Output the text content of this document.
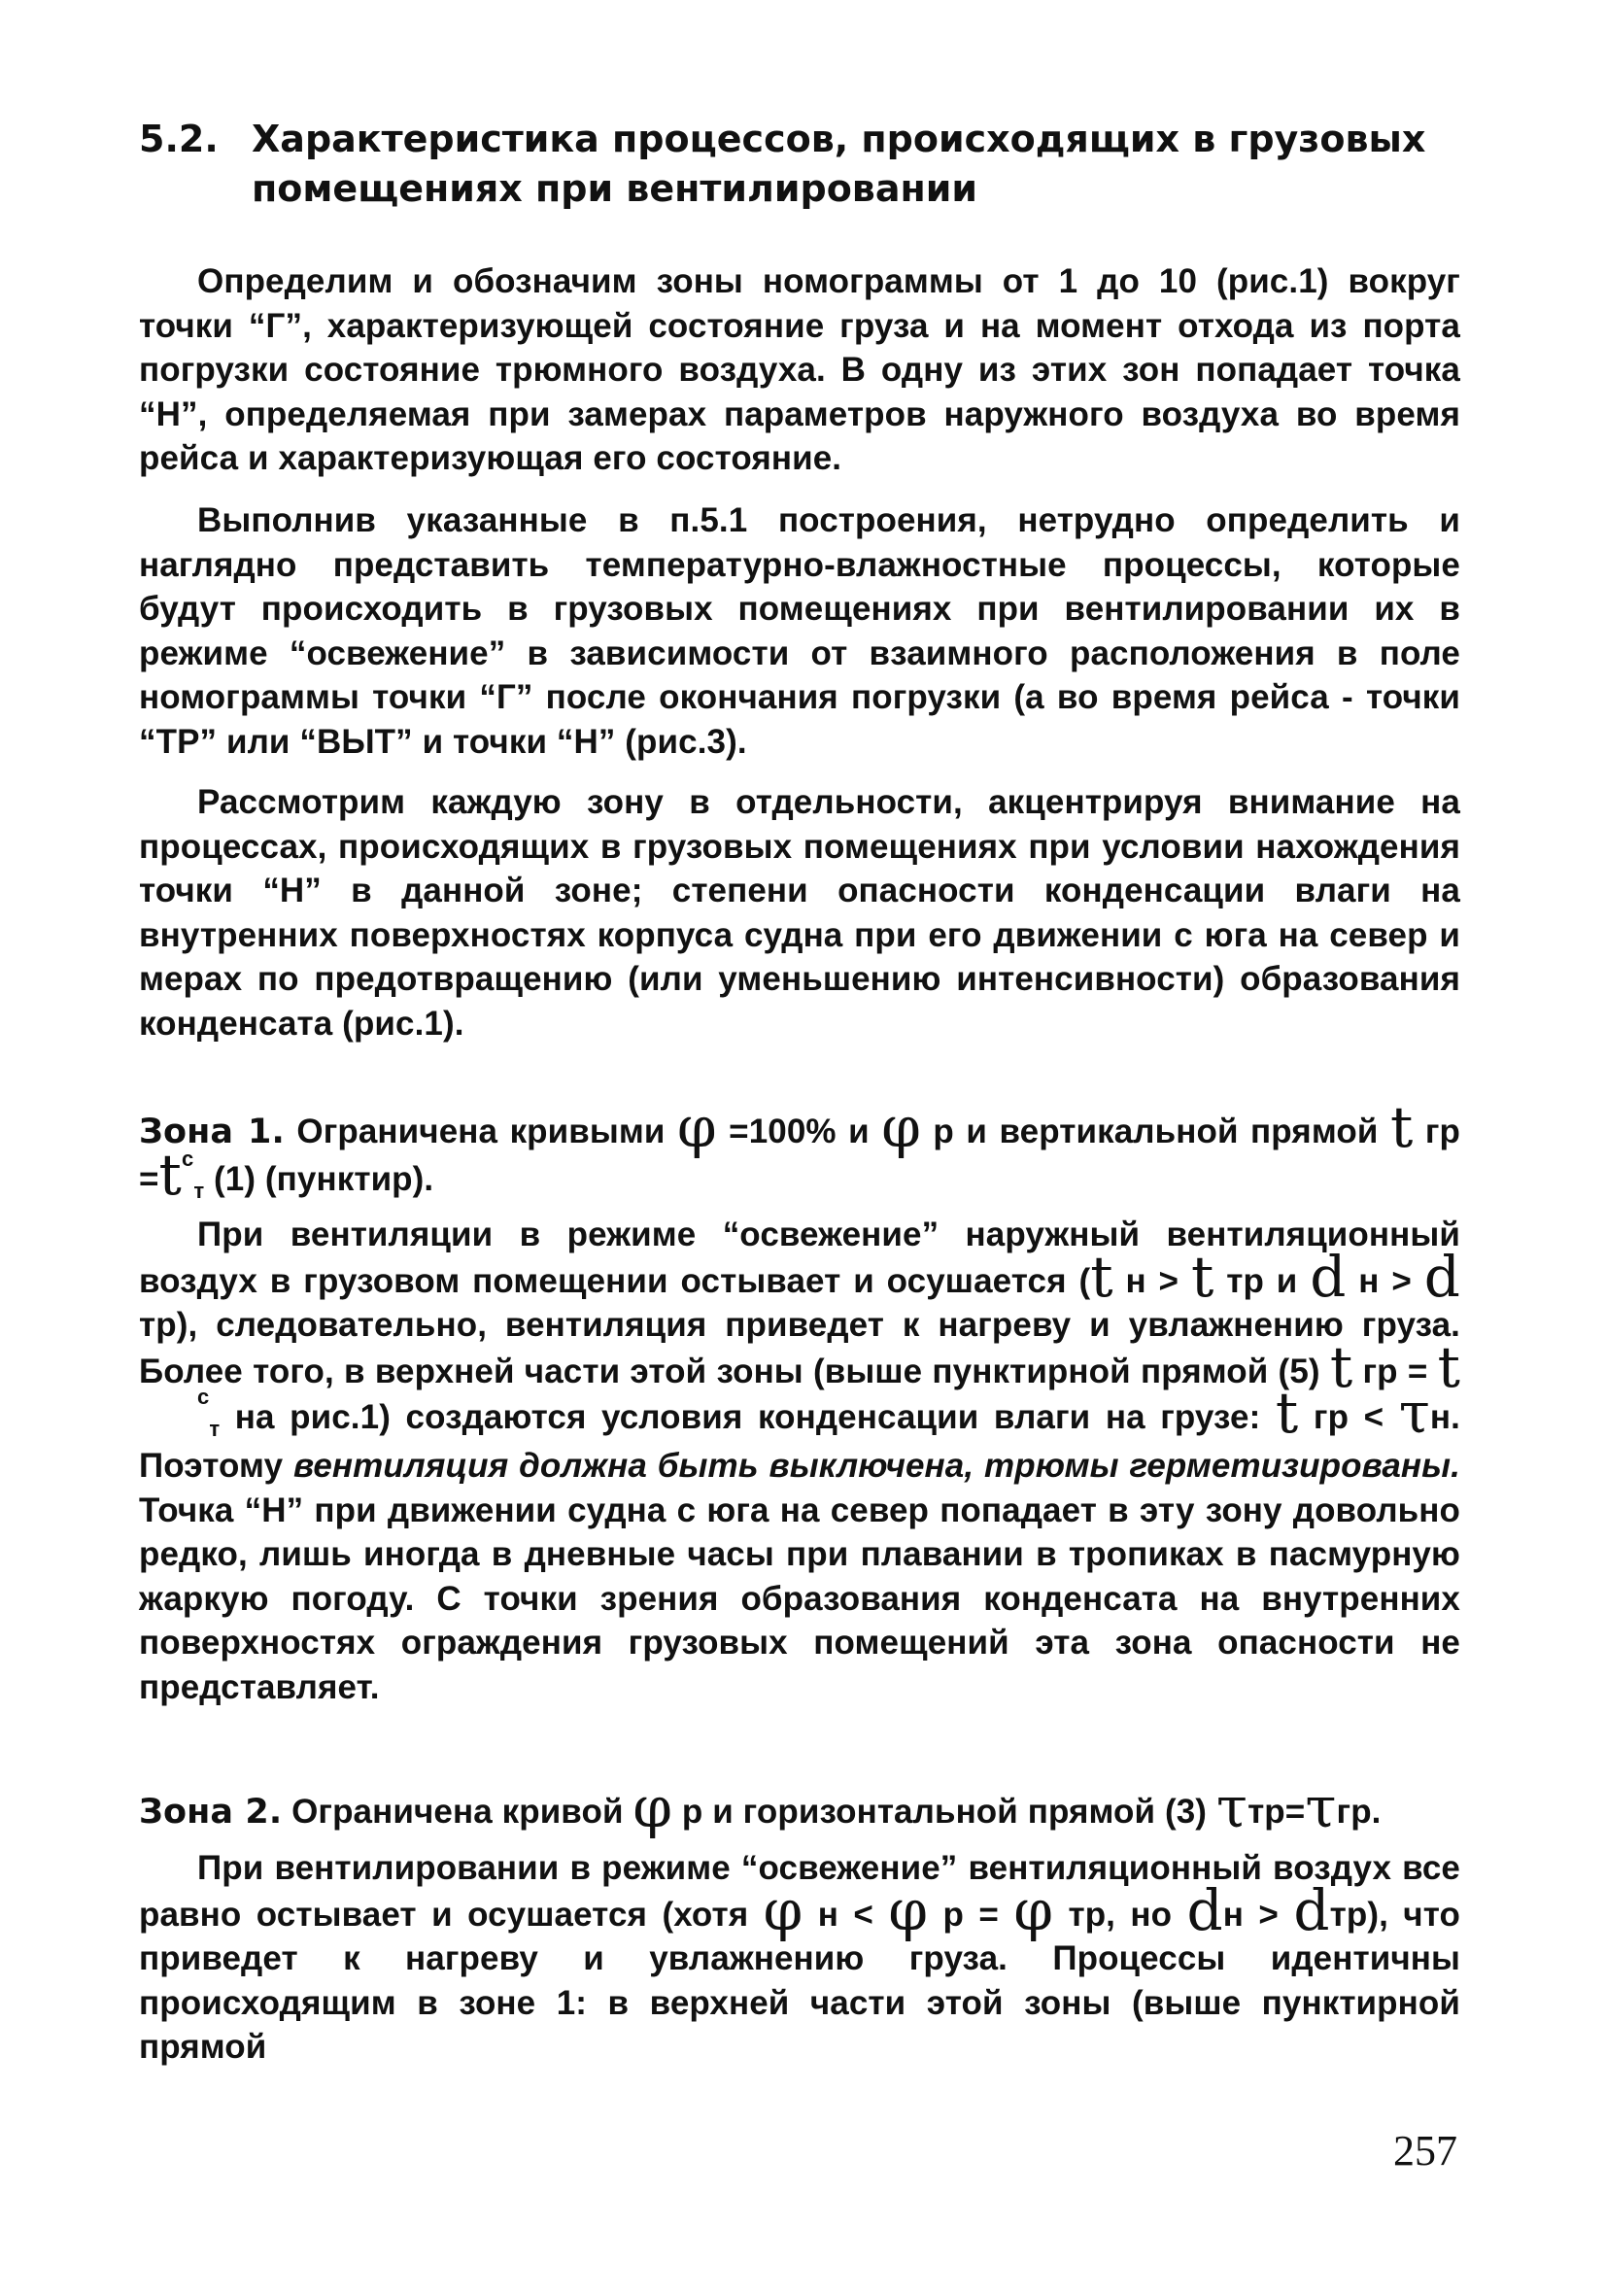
5.2. Характеристика процессов, происходящих в грузовых
помещениях при вентилировании
Определим и обозначим зоны номограммы от 1 до 10 (рис.1) вокруг точки “Г”, характеризующей состояние груза и на момент отхода из порта погрузки состояние трюмного воздуха. В одну из этих зон попадает точка “Н”, определяемая при замерах параметров наружного воздуха во время рейса и характеризующая его состояние.
Выполнив указанные в п.5.1 построения, нетрудно определить и наглядно представить температурно-влажностные процессы, которые будут происходить в грузовых помещениях при вентилировании их в режиме “освежение” в зависимости от взаимного расположения в поле номограммы точки “Г” после окончания погрузки (а во время рейса - точки “ТР” или “ВЫТ” и точки “Н” (рис.3).
Рассмотрим каждую зону в отдельности, акцентрируя внимание на процессах, происходящих в грузовых помещениях при условии нахождения точки “Н” в данной зоне; степени опасности конденсации влаги на внутренних поверхностях корпуса судна при его движении с юга на север и мерах по предотвращению (или уменьшению интенсивности) образования конденсата (рис.1).
Зона 1. Ограничена кривыми φ =100% и φ р и вертикальной прямой t гр $=tс_т$ (1) (пунктир).
При вентиляции в режиме “освежение” наружный вентиляционный воздух в грузовом помещении остывает и осушается (t н > t тр и d н > d тр), следовательно, вентиляция приведет к нагреву и увлажнению груза. Более того, в верхней части этой зоны (выше пунктирной прямой (5) t гр = $tс_т$ на рис.1) создаются условия конденсации влаги на грузе: t гр < τн. Поэтому вентиляция должна быть выключена, трюмы герметизированы. Точка “Н” при движении судна с юга на север попадает в эту зону довольно редко, лишь иногда в дневные часы при плавании в тропиках в пасмурную жаркую погоду. С точки зрения образования конденсата на внутренних поверхностях ограждения грузовых помещений эта зона опасности не представляет.
Зона 2. Ограничена кривой φ р и горизонтальной прямой (3) τтр=τгр.
При вентилировании в режиме “освежение” вентиляционный воздух все равно остывает и осушается (хотя φ н < φ р = φ тр, но dн > dтр), что приведет к нагреву и увлажнению груза. Процессы идентичны происходящим в зоне 1: в верхней части этой зоны (выше пунктирной прямой
257
